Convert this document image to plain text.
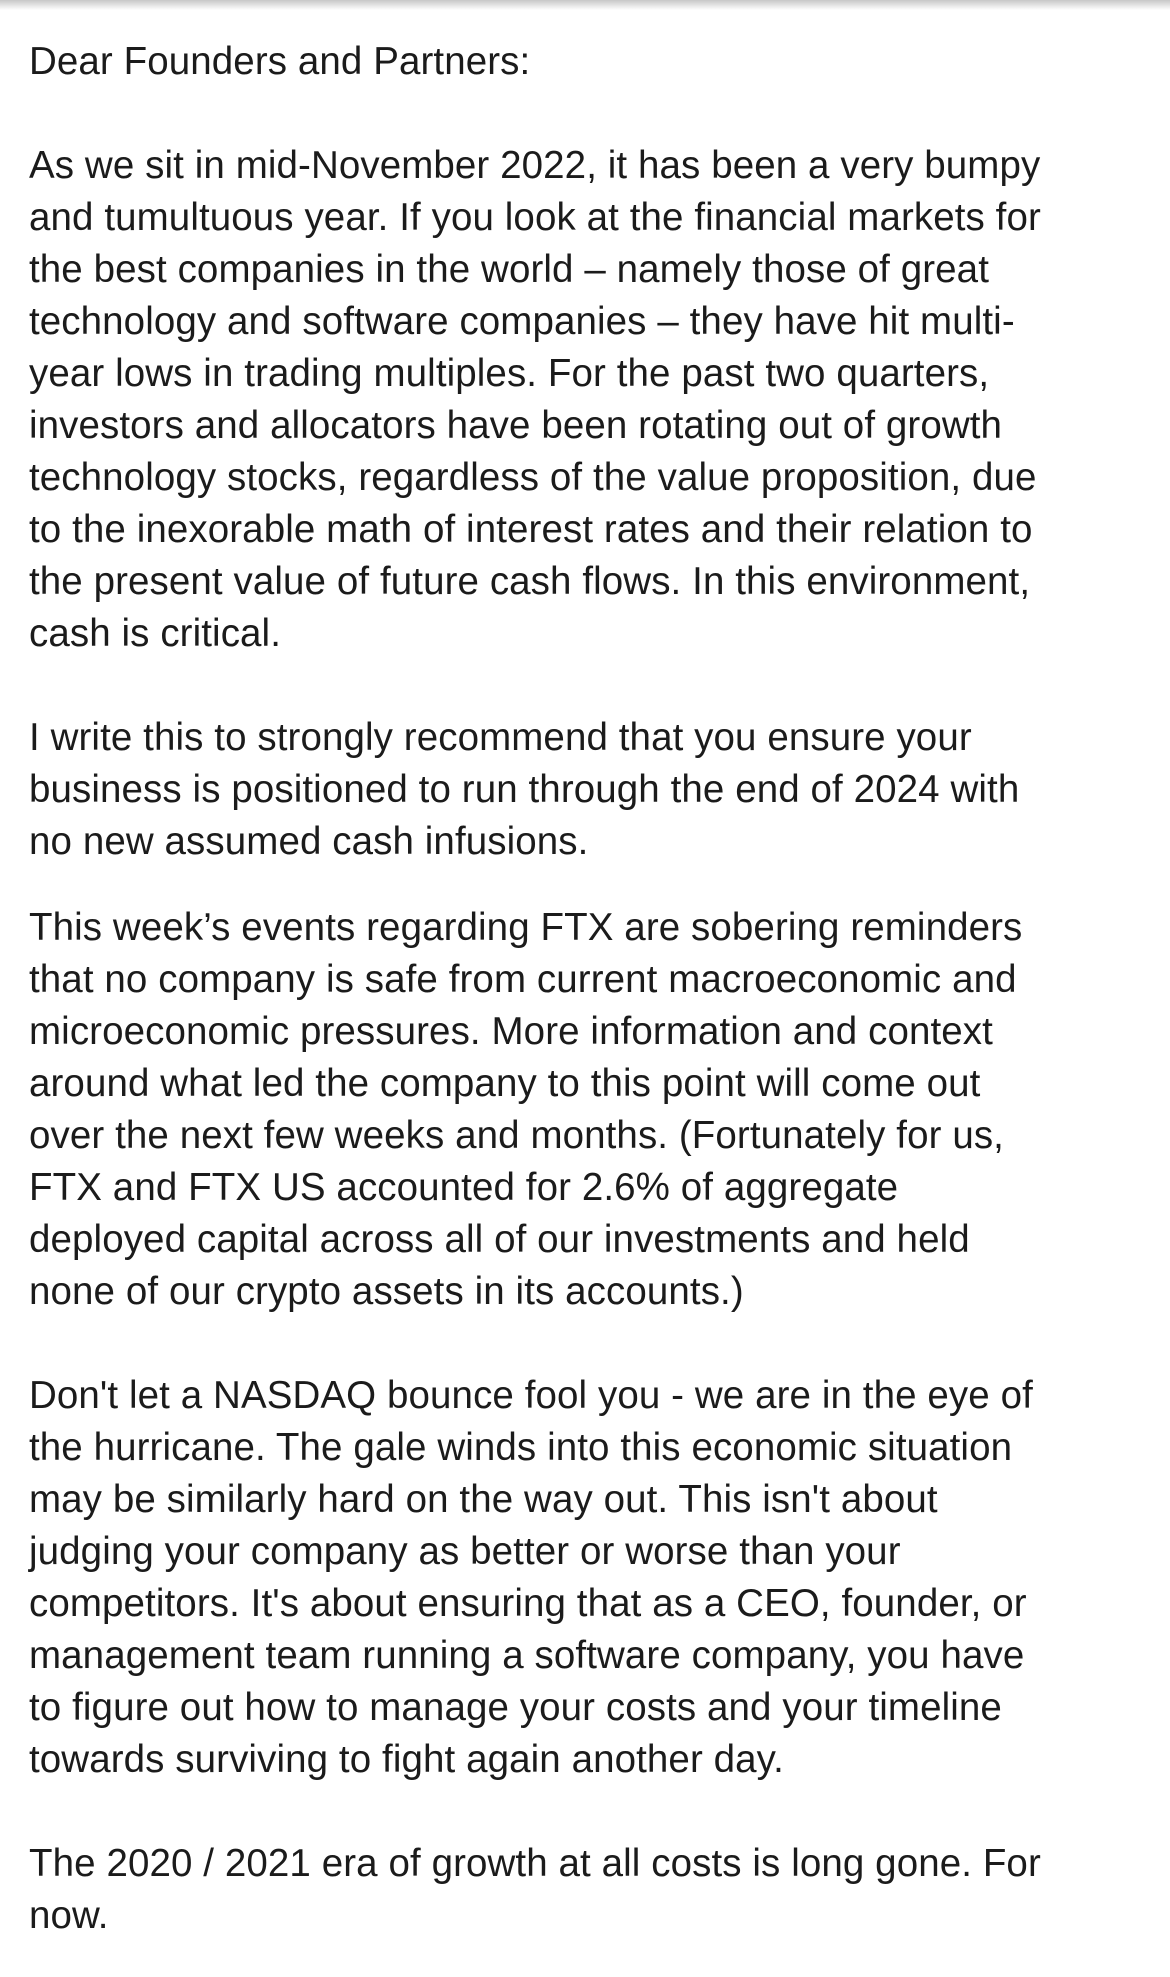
Dear Founders and Partners:

As we sit in mid-November 2022, it has been a very bumpy
and tumultuous year. If you look at the financial markets for
the best companies in the world – namely those of great
technology and software companies – they have hit multi-
year lows in trading multiples. For the past two quarters,
investors and allocators have been rotating out of growth
technology stocks, regardless of the value proposition, due
to the inexorable math of interest rates and their relation to
the present value of future cash flows. In this environment,
cash is critical.

I write this to strongly recommend that you ensure your
business is positioned to run through the end of 2024 with
no new assumed cash infusions.

This week’s events regarding FTX are sobering reminders
that no company is safe from current macroeconomic and
microeconomic pressures. More information and context
around what led the company to this point will come out
over the next few weeks and months. (Fortunately for us,
FTX and FTX US accounted for 2.6% of aggregate
deployed capital across all of our investments and held
none of our crypto assets in its accounts.)

Don't let a NASDAQ bounce fool you - we are in the eye of
the hurricane. The gale winds into this economic situation
may be similarly hard on the way out. This isn't about
judging your company as better or worse than your
competitors. It's about ensuring that as a CEO, founder, or
management team running a software company, you have
to figure out how to manage your costs and your timeline
towards surviving to fight again another day.

The 2020 / 2021 era of growth at all costs is long gone. For
now.
